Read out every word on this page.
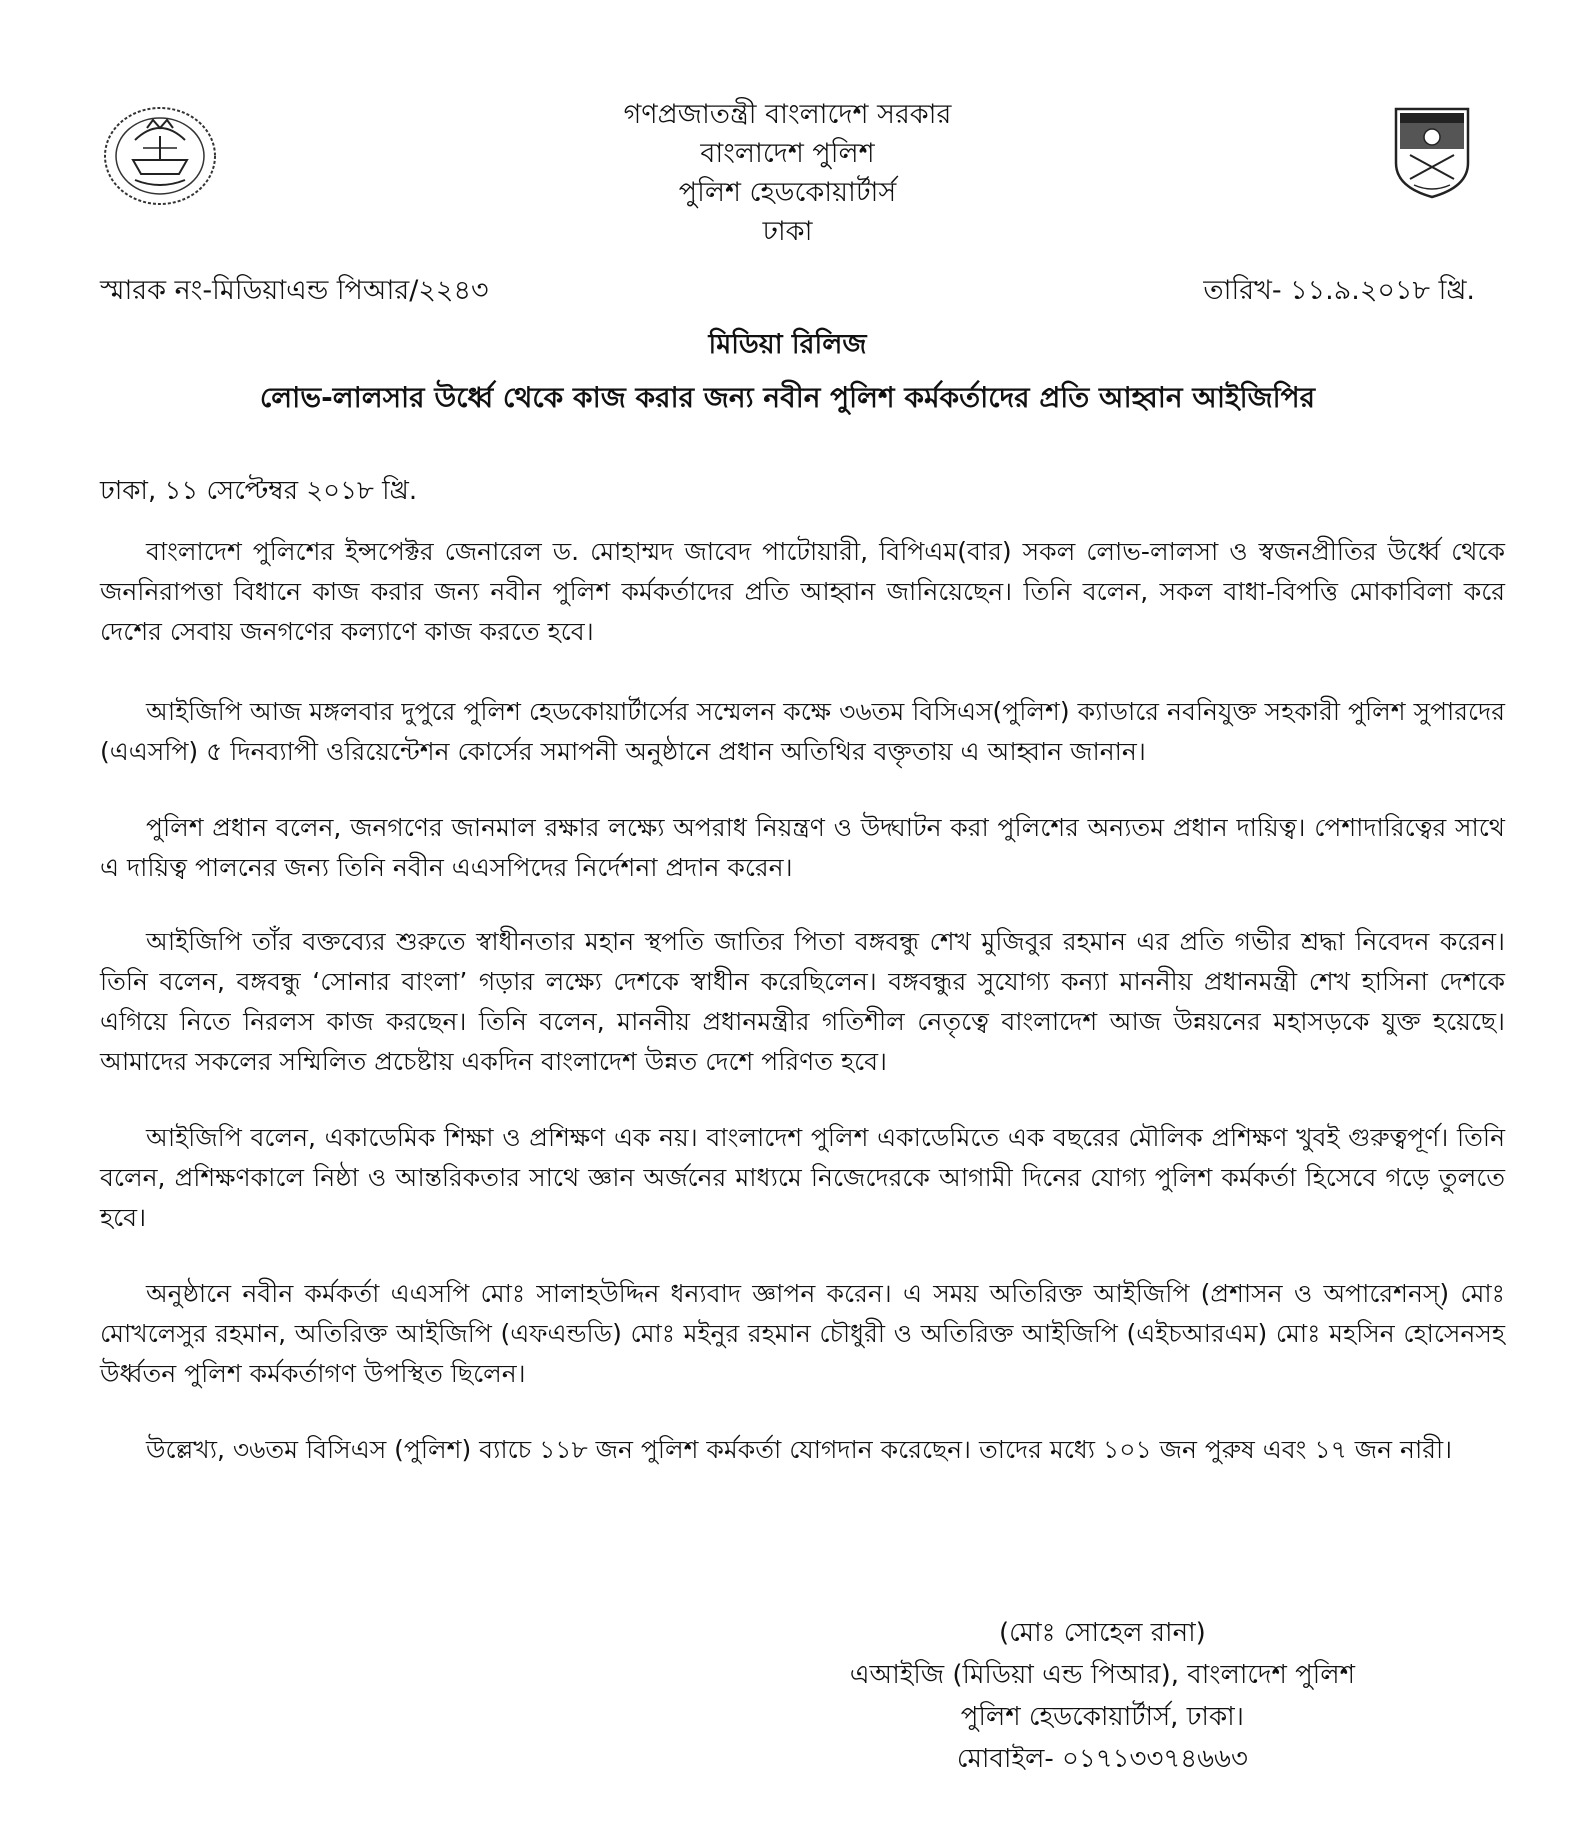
গণপ্রজাতন্ত্রী বাংলাদেশ সরকার
বাংলাদেশ পুলিশ
পুলিশ হেডকোয়ার্টার্স
ঢাকা
স্মারক নং-মিডিয়াএন্ড পিআর/২২৪৩	তারিখ- ১১.৯.২০১৮ খ্রি.
মিডিয়া রিলিজ
লোভ-লালসার উর্ধ্বে থেকে কাজ করার জন্য নবীন পুলিশ কর্মকর্তাদের প্রতি আহ্বান আইজিপির
ঢাকা, ১১ সেপ্টেম্বর ২০১৮ খ্রি.

বাংলাদেশ পুলিশের ইন্সপেক্টর জেনারেল ড. মোহাম্মদ জাবেদ পাটোয়ারী, বিপিএম(বার) সকল লোভ-লালসা ও স্বজনপ্রীতির উর্ধ্বে থেকে জননিরাপত্তা বিধানে কাজ করার জন্য নবীন পুলিশ কর্মকর্তাদের প্রতি আহ্বান জানিয়েছেন। তিনি বলেন, সকল বাধা-বিপত্তি মোকাবিলা করে দেশের সেবায় জনগণের কল্যাণে কাজ করতে হবে।

আইজিপি আজ মঙ্গলবার দুপুরে পুলিশ হেডকোয়ার্টার্সের সম্মেলন কক্ষে ৩৬তম বিসিএস(পুলিশ) ক্যাডারে নবনিযুক্ত সহকারী পুলিশ সুপারদের (এএসপি) ৫ দিনব্যাপী ওরিয়েন্টেশন কোর্সের সমাপনী অনুষ্ঠানে প্রধান অতিথির বক্তৃতায় এ আহ্বান জানান।

পুলিশ প্রধান বলেন, জনগণের জানমাল রক্ষার লক্ষ্যে অপরাধ নিয়ন্ত্রণ ও উদ্ঘাটন করা পুলিশের অন্যতম প্রধান দায়িত্ব। পেশাদারিত্বের সাথে এ দায়িত্ব পালনের জন্য তিনি নবীন এএসপিদের নির্দেশনা প্রদান করেন।

আইজিপি তাঁর বক্তব্যের শুরুতে স্বাধীনতার মহান স্থপতি জাতির পিতা বঙ্গবন্ধু শেখ মুজিবুর রহমান এর প্রতি গভীর শ্রদ্ধা নিবেদন করেন। তিনি বলেন, বঙ্গবন্ধু ‘সোনার বাংলা’ গড়ার লক্ষ্যে দেশকে স্বাধীন করেছিলেন। বঙ্গবন্ধুর সুযোগ্য কন্যা মাননীয় প্রধানমন্ত্রী শেখ হাসিনা দেশকে এগিয়ে নিতে নিরলস কাজ করছেন। তিনি বলেন, মাননীয় প্রধানমন্ত্রীর গতিশীল নেতৃত্বে বাংলাদেশ আজ উন্নয়নের মহাসড়কে যুক্ত হয়েছে। আমাদের সকলের সম্মিলিত প্রচেষ্টায় একদিন বাংলাদেশ উন্নত দেশে পরিণত হবে।

আইজিপি বলেন, একাডেমিক শিক্ষা ও প্রশিক্ষণ এক নয়। বাংলাদেশ পুলিশ একাডেমিতে এক বছরের মৌলিক প্রশিক্ষণ খুবই গুরুত্বপূর্ণ। তিনি বলেন, প্রশিক্ষণকালে নিষ্ঠা ও আন্তরিকতার সাথে জ্ঞান অর্জনের মাধ্যমে নিজেদেরকে আগামী দিনের যোগ্য পুলিশ কর্মকর্তা হিসেবে গড়ে তুলতে হবে।

অনুষ্ঠানে নবীন কর্মকর্তা এএসপি মোঃ সালাহউদ্দিন ধন্যবাদ জ্ঞাপন করেন। এ সময় অতিরিক্ত আইজিপি (প্রশাসন ও অপারেশনস্) মোঃ মোখলেসুর রহমান, অতিরিক্ত আইজিপি (এফএন্ডডি) মোঃ মইনুর রহমান চৌধুরী ও অতিরিক্ত আইজিপি (এইচআরএম) মোঃ মহসিন হোসেনসহ উর্ধ্বতন পুলিশ কর্মকর্তাগণ উপস্থিত ছিলেন।

উল্লেখ্য, ৩৬তম বিসিএস (পুলিশ) ব্যাচে ১১৮ জন পুলিশ কর্মকর্তা যোগদান করেছেন। তাদের মধ্যে ১০১ জন পুরুষ এবং ১৭ জন নারী।

(মোঃ সোহেল রানা)
এআইজি (মিডিয়া এন্ড পিআর), বাংলাদেশ পুলিশ
পুলিশ হেডকোয়ার্টার্স, ঢাকা।
মোবাইল- ০১৭১৩৩৭৪৬৬৩
